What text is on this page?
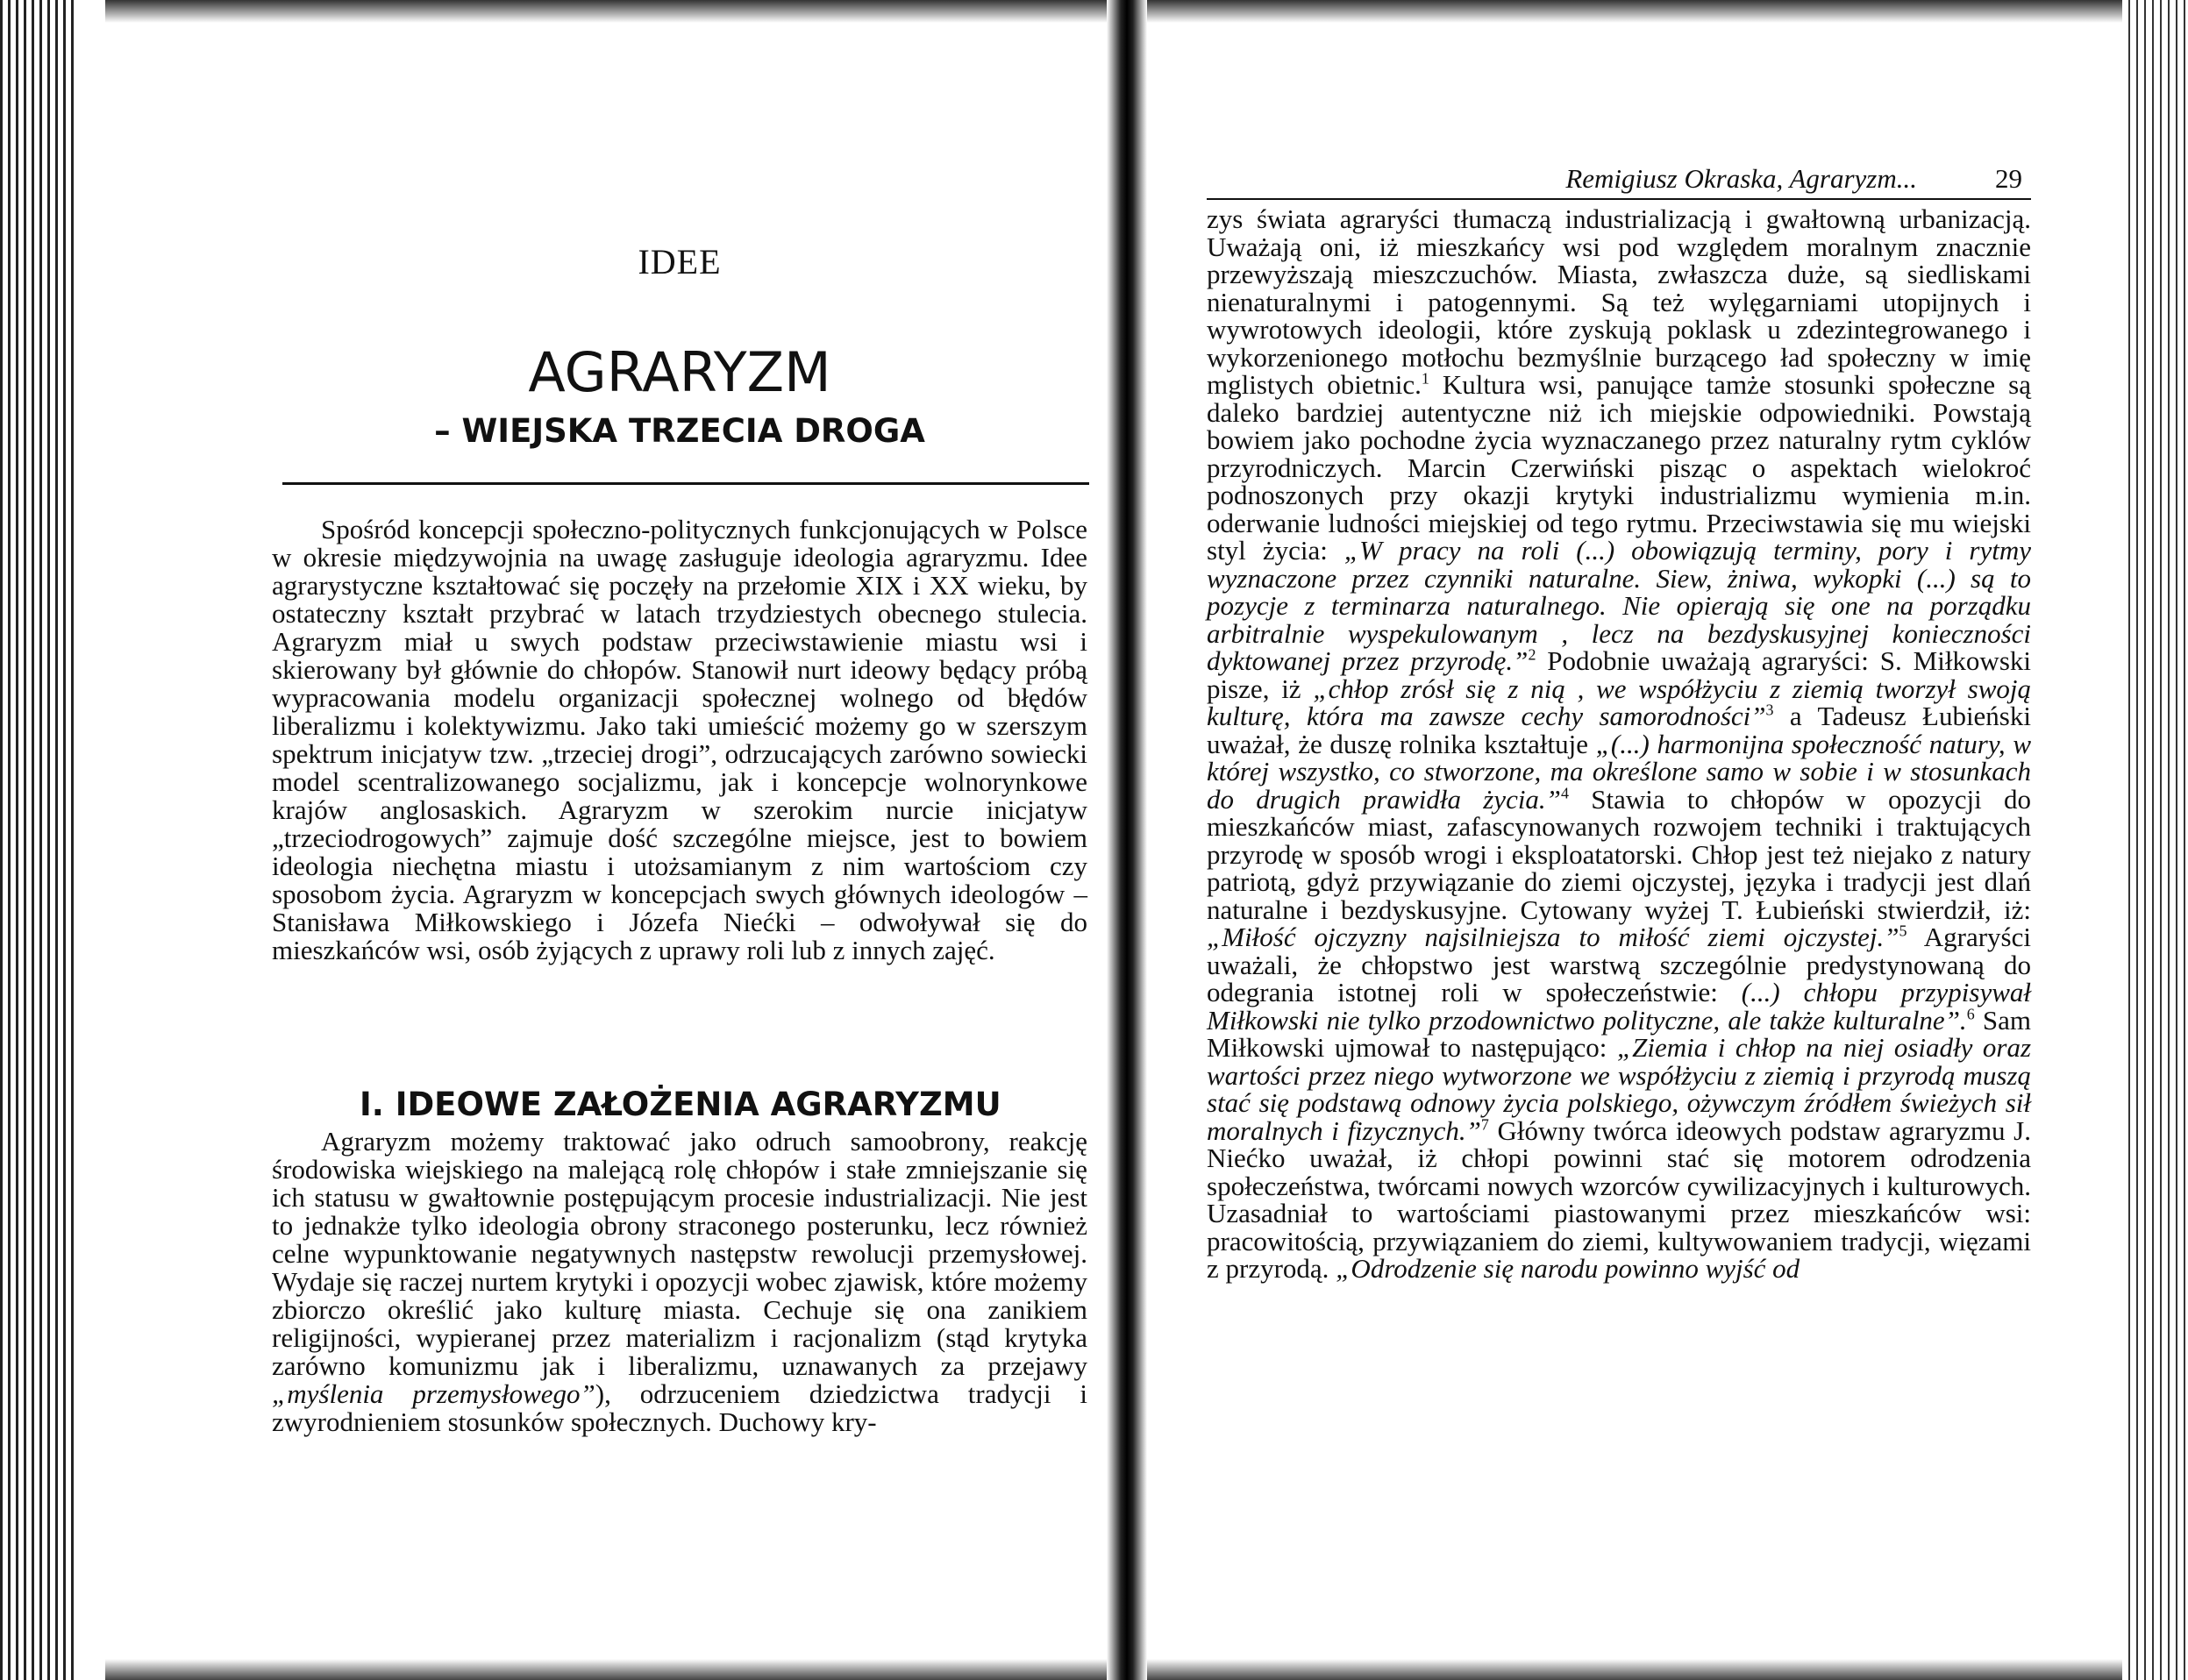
IDEE
AGRARYZM
– WIEJSKA TRZECIA DROGA
Spośród koncepcji społeczno-politycznych funkcjonujących w Polsce w okresie międzywojnia na uwagę zasługuje ideologia agraryzmu. Idee agrarystyczne kształtować się poczęły na przełomie XIX i XX wieku, by ostateczny kształt przybrać w latach trzydziestych obecnego stulecia. Agraryzm miał u swych podstaw przeciwstawienie miastu wsi i skierowany był głównie do chłopów. Stanowił nurt ideowy będący próbą wypracowania modelu organizacji społecznej wolnego od błędów liberalizmu i kolektywizmu. Jako taki umieścić możemy go w szerszym spektrum inicjatyw tzw. „trzeciej drogi”, odrzucających zarówno sowiecki model scentralizowanego socjalizmu, jak i koncepcje wolnorynkowe krajów anglosaskich. Agraryzm w szerokim nurcie inicjatyw „trzeciodrogowych” zajmuje dość szczególne miejsce, jest to bowiem ideologia niechętna miastu i utożsamianym z nim wartościom czy sposobom życia. Agraryzm w koncepcjach swych głównych ideologów – Stanisława Miłkowskiego i Józefa Niećki – odwoływał się do mieszkańców wsi, osób żyjących z uprawy roli lub z innych zajęć.
I. IDEOWE ZAŁOŻENIA AGRARYZMU
Agraryzm możemy traktować jako odruch samoobrony, reakcję środowiska wiejskiego na malejącą rolę chłopów i stałe zmniejszanie się ich statusu w gwałtownie postępującym procesie industrializacji. Nie jest to jednakże tylko ideologia obrony straconego posterunku, lecz również celne wypunktowanie negatywnych następstw rewolucji przemysłowej. Wydaje się raczej nurtem krytyki i opozycji wobec zjawisk, które możemy zbiorczo określić jako kulturę miasta. Cechuje się ona zanikiem religijności, wypieranej przez materializm i racjonalizm (stąd krytyka zarówno komunizmu jak i liberalizmu, uznawanych za przejawy „myślenia przemysłowego”), odrzuceniem dziedzictwa tradycji i zwyrodnieniem stosunków społecznych. Duchowy kry-
Remigiusz Okraska, Agraryzm...	29
zys świata agraryści tłumaczą industrializacją i gwałtowną urbanizacją. Uważają oni, iż mieszkańcy wsi pod względem moralnym znacznie przewyższają mieszczuchów. Miasta, zwłaszcza duże, są siedliskami nienaturalnymi i patogennymi. Są też wylęgarniami utopijnych i wywrotowych ideologii, które zyskują poklask u zdezintegrowanego i wykorzenionego motłochu bezmyślnie burzącego ład społeczny w imię mglistych obietnic.$^1$ Kultura wsi, panujące tamże stosunki społeczne są daleko bardziej autentyczne niż ich miejskie odpowiedniki. Powstają bowiem jako pochodne życia wyznaczanego przez naturalny rytm cyklów przyrodniczych. Marcin Czerwiński pisząc o aspektach wielokroć podnoszonych przy okazji krytyki industrializmu wymienia m.in. oderwanie ludności miejskiej od tego rytmu. Przeciwstawia się mu wiejski styl życia: „W pracy na roli (...) obowiązują terminy, pory i rytmy wyznaczone przez czynniki naturalne. Siew, żniwa, wykopki (...) są to pozycje z terminarza naturalnego. Nie opierają się one na porządku arbitralnie wyspekulowanym , lecz na bezdyskusyjnej konieczności dyktowanej przez przyrodę.”$^2$ Podobnie uważają agraryści: S. Miłkowski pisze, iż „chłop zrósł się z nią , we współżyciu z ziemią tworzył swoją kulturę, która ma zawsze cechy samorodności”$^3$ a Tadeusz Łubieński uważał, że duszę rolnika kształtuje „(...) harmonijna społeczność natury, w której wszystko, co stworzone, ma określone samo w sobie i w stosunkach do drugich prawidła życia.”$^4$ Stawia to chłopów w opozycji do mieszkańców miast, zafascynowanych rozwojem techniki i traktujących przyrodę w sposób wrogi i eksploatatorski. Chłop jest też niejako z natury patriotą, gdyż przywiązanie do ziemi ojczystej, języka i tradycji jest dlań naturalne i bezdyskusyjne. Cytowany wyżej T. Łubieński stwierdził, iż: „Miłość ojczyzny najsilniejsza to miłość ziemi ojczystej.”$^5$ Agraryści uważali, że chłopstwo jest warstwą szczególnie predystynowaną do odegrania istotnej roli w społeczeństwie: (...) chłopu przypisywał Miłkowski nie tylko przodownictwo polityczne, ale także kulturalne”.$^6$ Sam Miłkowski ujmował to następująco: „Ziemia i chłop na niej osiadły oraz wartości przez niego wytworzone we współżyciu z ziemią i przyrodą muszą stać się podstawą odnowy życia polskiego, ożywczym źródłem świeżych sił moralnych i fizycznych.”$^7$ Główny twórca ideowych podstaw agraryzmu J. Niećko uważał, iż chłopi powinni stać się motorem odrodzenia społeczeństwa, twórcami nowych wzorców cywilizacyjnych i kulturowych. Uzasadniał to wartościami piastowanymi przez mieszkańców wsi: pracowitością, przywiązaniem do ziemi, kultywowaniem tradycji, więzami z przyrodą. „Odrodzenie się narodu powinno wyjść od
